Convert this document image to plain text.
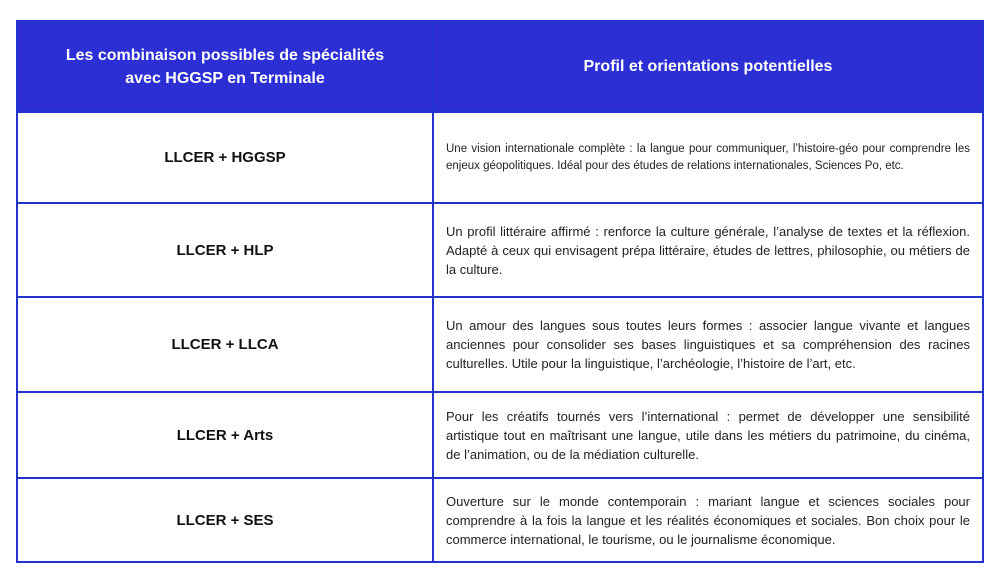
Les combinaison possibles de spécialités
avec HGGSP en Terminale	Profil et orientations potentielles
LLCER + HGGSP	Une vision internationale complète : la langue pour communiquer, l’histoire-géo pour comprendre les enjeux géopolitiques. Idéal pour des études de relations internationales, Sciences Po, etc.
LLCER + HLP	Un profil littéraire affirmé : renforce la culture générale, l’analyse de textes et la réflexion. Adapté à ceux qui envisagent prépa littéraire, études de lettres, philosophie, ou métiers de la culture.
LLCER + LLCA	Un amour des langues sous toutes leurs formes : associer langue vivante et langues anciennes pour consolider ses bases linguistiques et sa compréhension des racines culturelles. Utile pour la linguistique, l’archéologie, l’histoire de l’art, etc.
LLCER + Arts	Pour les créatifs tournés vers l’international : permet de développer une sensibilité artistique tout en maîtrisant une langue, utile dans les métiers du patrimoine, du cinéma, de l’animation, ou de la médiation culturelle.
LLCER + SES	Ouverture sur le monde contemporain : mariant langue et sciences sociales pour comprendre à la fois la langue et les réalités économiques et sociales. Bon choix pour le commerce international, le tourisme, ou le journalisme économique.
